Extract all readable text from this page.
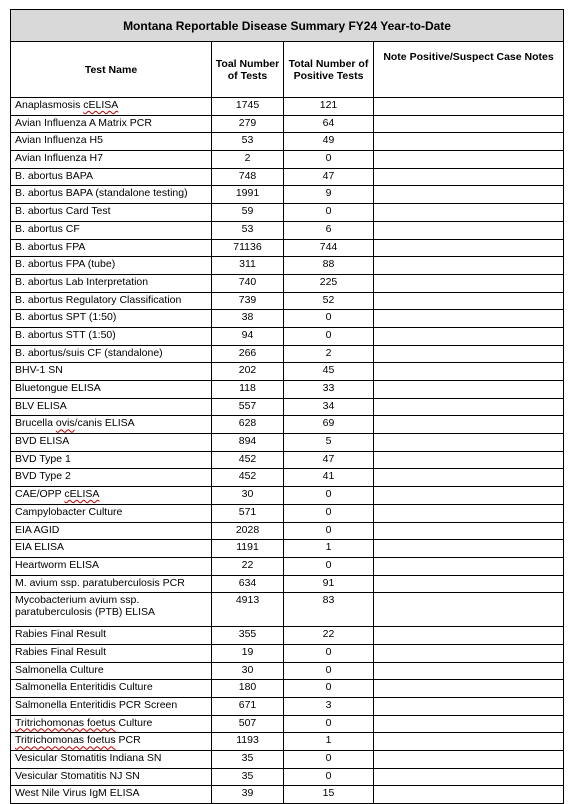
Montana Reportable Disease Summary FY24 Year-to-Date			
Test Name	Toal Number of Tests	Total Number of Positive Tests	Note Positive/Suspect Case Notes
Anaplasmosis cELISA	1745	121	
Avian Influenza A Matrix PCR	279	64	
Avian Influenza H5	53	49	
Avian Influenza H7	2	0	
B. abortus BAPA	748	47	
B. abortus BAPA (standalone testing)	1991	9	
B. abortus Card Test	59	0	
B. abortus CF	53	6	
B. abortus FPA	71136	744	
B. abortus FPA (tube)	311	88	
B. abortus Lab Interpretation	740	225	
B. abortus Regulatory Classification	739	52	
B. abortus SPT (1:50)	38	0	
B. abortus STT (1:50)	94	0	
B. abortus/suis CF (standalone)	266	2	
BHV-1 SN	202	45	
Bluetongue ELISA	118	33	
BLV ELISA	557	34	
Brucella ovis/canis ELISA	628	69	
BVD ELISA	894	5	
BVD Type 1	452	47	
BVD Type 2	452	41	
CAE/OPP cELISA	30	0	
Campylobacter Culture	571	0	
EIA AGID	2028	0	
EIA ELISA	1191	1	
Heartworm ELISA	22	0	
M. avium ssp. paratuberculosis PCR	634	91	
Mycobacterium avium ssp. paratuberculosis (PTB) ELISA	4913	83	
Rabies Final Result	355	22	
Rabies Final Result	19	0	
Salmonella Culture	30	0	
Salmonella Enteritidis Culture	180	0	
Salmonella Enteritidis PCR Screen	671	3	
Tritrichomonas foetus Culture	507	0	
Tritrichomonas foetus PCR	1193	1	
Vesicular Stomatitis Indiana SN	35	0	
Vesicular Stomatitis NJ SN	35	0	
West Nile Virus IgM ELISA	39	15	
